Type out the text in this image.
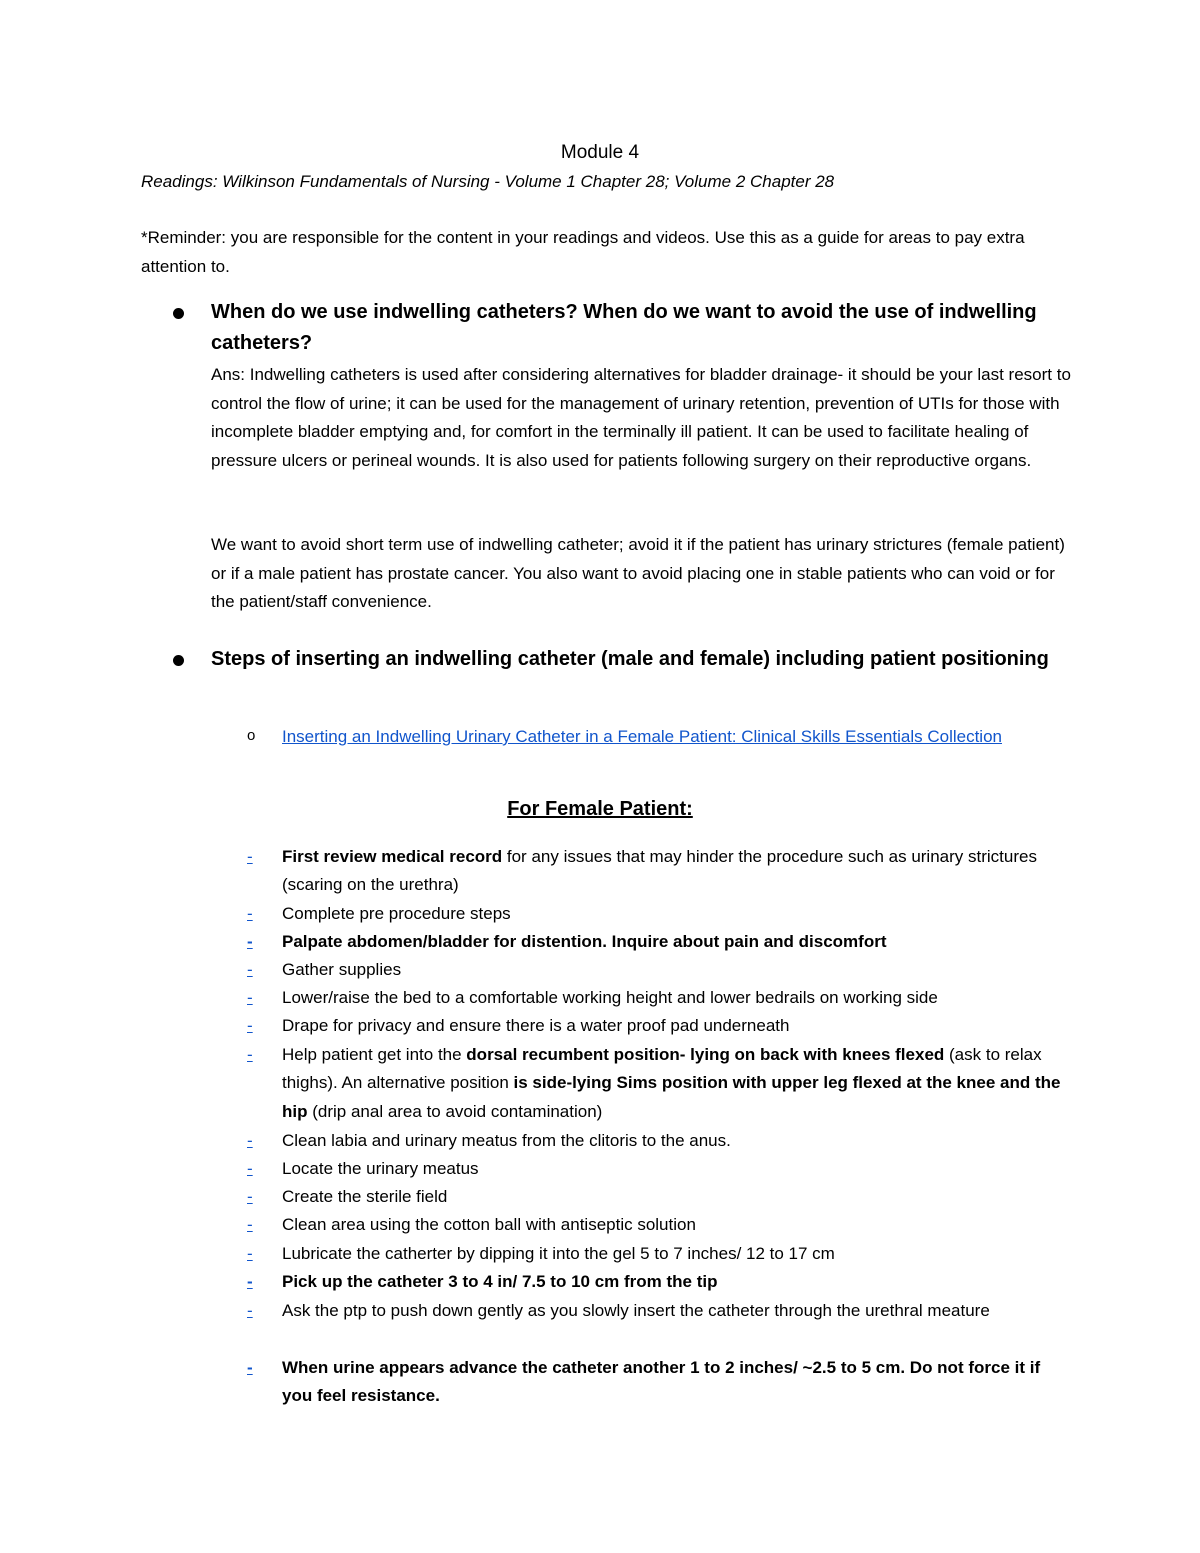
Module 4
Readings: Wilkinson Fundamentals of Nursing - Volume 1 Chapter 28; Volume 2 Chapter 28
*Reminder: you are responsible for the content in your readings and videos. Use this as a guide for areas to pay extra attention to.
When do we use indwelling catheters? When do we want to avoid the use of indwelling catheters?
Ans: Indwelling catheters is used after considering alternatives for bladder drainage- it should be your last resort to control the flow of urine; it can be used for the management of urinary retention, prevention of UTIs for those with incomplete bladder emptying and, for comfort in the terminally ill patient. It can be used to facilitate healing of pressure ulcers or perineal wounds. It is also used for patients following surgery on their reproductive organs.
We want to avoid short term use of indwelling catheter; avoid it if the patient has urinary strictures (female patient) or if a male patient has prostate cancer. You also want to avoid placing one in stable patients who can void or for the patient/staff convenience.
Steps of inserting an indwelling catheter (male and female) including patient positioning
o Inserting an Indwelling Urinary Catheter in a Female Patient: Clinical Skills Essentials Collection
For Female Patient:
-	First review medical record for any issues that may hinder the procedure such as urinary strictures (scaring on the urethra)
-	Complete pre procedure steps
-	Palpate abdomen/bladder for distention. Inquire about pain and discomfort
-	Gather supplies
-	Lower/raise the bed to a comfortable working height and lower bedrails on working side
-	Drape for privacy and ensure there is a water proof pad underneath
-	Help patient get into the dorsal recumbent position- lying on back with knees flexed (ask to relax thighs). An alternative position is side-lying Sims position with upper leg flexed at the knee and the hip (drip anal area to avoid contamination)
-	Clean labia and urinary meatus from the clitoris to the anus.
-	Locate the urinary meatus
-	Create the sterile field
-	Clean area using the cotton ball with antiseptic solution
-	Lubricate the catherter by dipping it into the gel 5 to 7 inches/ 12 to 17 cm
-	Pick up the catheter 3 to 4 in/ 7.5 to 10 cm from the tip
-	Ask the ptp to push down gently as you slowly insert the catheter through the urethral meature
-	When urine appears advance the catheter another 1 to 2 inches/ ~2.5 to 5 cm. Do not force it if you feel resistance.
